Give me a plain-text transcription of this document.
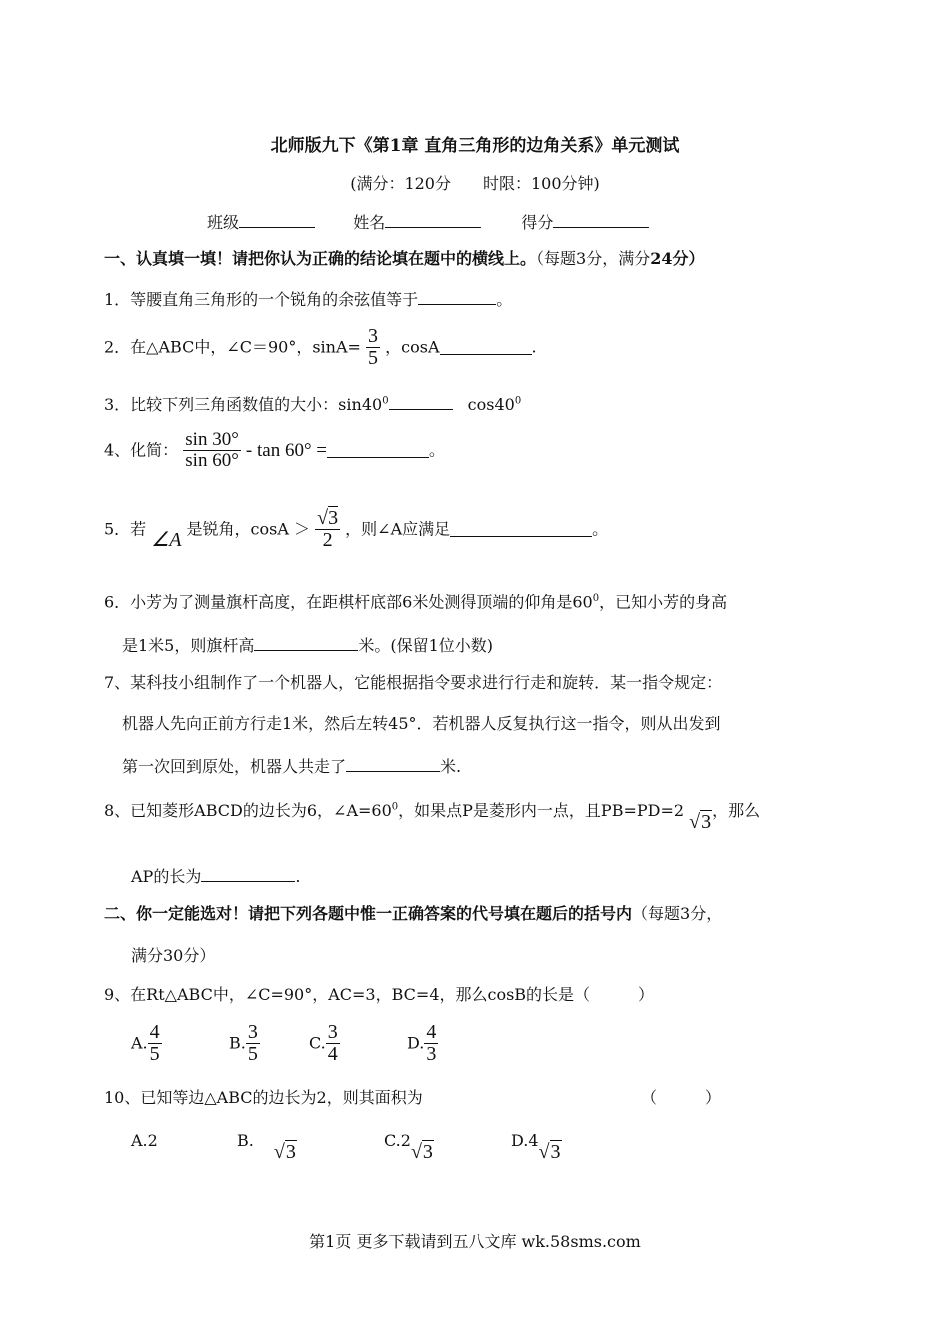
北师版九下《第1章 直角三角形的边角关系》单元测试
(满分：120分　　时限：100分钟)
班级	姓名	得分
一、认真填一填！请把你认为正确的结论填在题中的横线上。（每题3分，满分24分）
1．等腰直角三角形的一个锐角的余弦值等于	。
2．在△ABC中，∠C＝90°，$\sin A= \frac{3}{5}$ ，cosA	.
3．比较下列三角函数值的大小：$\sin 40^0$	$\cos 40^0$
4、化简： $\frac{\sin 30^\circ}{\sin 60^\circ}$ - tan 60° =	。
5．若 ∠A 是锐角，$\cos A > \frac{√3}{2}$ ，则∠A应满足	。
6．小芳为了测量旗杆高度，在距棋杆底部6米处测得顶端的仰角是$60^0$，已知小芳的身高
是1米5，则旗杆高	米。(保留1位小数)
7、某科技小组制作了一个机器人，它能根据指令要求进行行走和旋转．某一指令规定：
机器人先向正前方行走1米，然后左转45°．若机器人反复执行这一指令，则从出发到
第一次回到原处，机器人共走了	米.
8、已知菱形ABCD的边长为6，$\angle A=60^0$，如果点P是菱形内一点，且PB=PD=2 √3，那么
AP的长为	.
二、你一定能选对！请把下列各题中惟一正确答案的代号填在题后的括号内（每题3分，
满分30分）
9、在Rt△ABC中，∠C=90°，AC=3，BC=4，那么cosB的长是（　　　）
A. $\frac{4}{5}$	B. $\frac{3}{5}$	C. $\frac{3}{4}$	D. $\frac{4}{3}$
10、已知等边△ABC的边长为2，则其面积为	（　　　）
A.2	B.√3C.2√3D.4√3
第1页 更多下载请到五八文库 wk.58sms.com
